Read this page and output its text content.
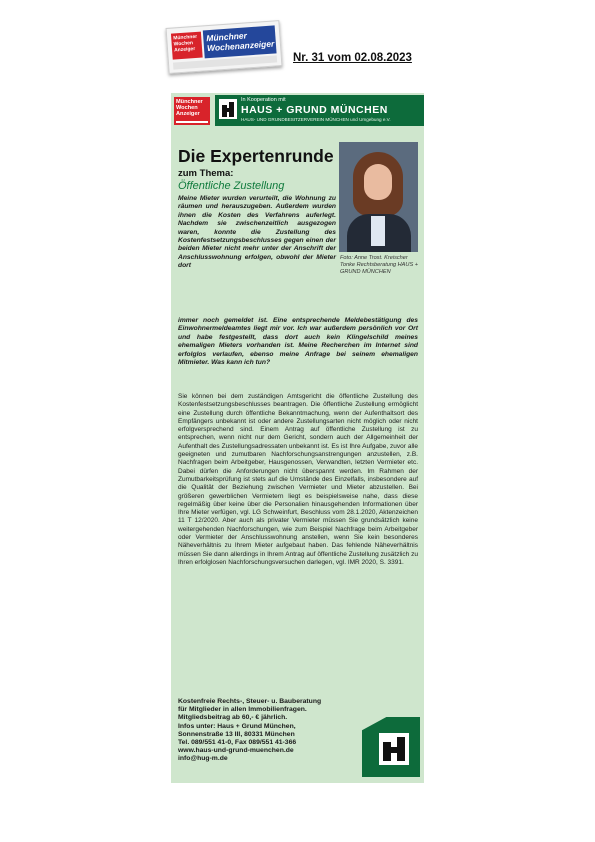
Münchner Wochen Anzeiger
Münchner Wochenanzeiger
Nr. 31 vom 02.08.2023
Münchner Wochen Anzeiger
In Kooperation mit
HAUS + GRUND MÜNCHEN
HAUS- UND GRUNDBESITZERVEREIN MÜNCHEN und Umgebung e.V.
Die Expertenrunde
zum Thema:
Öffentliche Zustellung
Foto: Anne Trost. Kreischer Tonke Rechtsberatung HAUS + GRUND MÜNCHEN

Meine Mieter wurden verurteilt, die Wohnung zu räumen und herauszugeben. Außerdem wurden ihnen die Kosten des Verfahrens auferlegt. Nachdem sie zwischenzeitlich ausgezogen waren, konnte die Zustellung des Kostenfestsetzungsbeschlusses gegen einen der beiden Mieter nicht mehr unter der Anschrift der Anschlusswohnung erfolgen, obwohl der Mieter dort

immer noch gemeldet ist. Eine entsprechende Meldebestätigung des Einwohnermeldeamtes liegt mir vor. Ich war außerdem persönlich vor Ort und habe festgestellt, dass dort auch kein Klingelschild meines ehemaligen Mieters vorhanden ist. Meine Recherchen im Internet sind erfolglos verlaufen, ebenso meine Anfrage bei seinem ehemaligen Mitmieter. Was kann ich tun?

Sie können bei dem zuständigen Amtsgericht die öffentliche Zustellung des Kostenfestsetzungsbeschlusses beantragen. Die öffentliche Zustellung ermöglicht eine Zustellung durch öffentliche Bekanntmachung, wenn der Aufenthaltsort des Empfängers unbekannt ist oder andere Zustellungsarten nicht möglich oder nicht erfolgversprechend sind. Einem Antrag auf öffentliche Zustellung ist zu entsprechen, wenn nicht nur dem Gericht, sondern auch der Allgemeinheit der Aufenthalt des Zustellungsadressaten unbekannt ist. Es ist Ihre Aufgabe, zuvor alle geeigneten und zumutbaren Nachforschungsanstrengungen anzustellen, z.B. Nachfragen beim Arbeitgeber, Hausgenossen, Verwandten, letzten Vermieter etc. Dabei dürfen die Anforderungen nicht überspannt werden. Im Rahmen der Zumutbarkeitsprüfung ist stets auf die Umstände des Einzelfalls, insbesondere auf die Qualität der Beziehung zwischen Vermieter und Mieter abzustellen. Bei größeren gewerblichen Vermietern liegt es beispielsweise nahe, dass diese regelmäßig über keine über die Personalien hinausgehenden Informationen über Ihre Mieter verfügen, vgl. LG Schweinfurt, Beschluss vom 28.1.2020, Aktenzeichen 11 T 12/2020. Aber auch als privater Vermieter müssen Sie grundsätzlich keine weitergehenden Nachforschungen, wie zum Beispiel Nachfrage beim Arbeitgeber oder Vermieter der Anschlusswohnung anstellen, wenn Sie kein besonderes Näheverhältnis zu Ihrem Mieter aufgebaut haben. Das fehlende Näheverhältnis müssen Sie dann allerdings in Ihrem Antrag auf öffentliche Zustellung zusätzlich zu Ihren erfolglosen Nachforschungsversuchen darlegen, vgl. IMR 2020, S. 3391.

Kostenfreie Rechts-, Steuer- u. Bauberatung
für Mitglieder in allen Immobilienfragen.
Mitgliedsbeitrag ab 60,- € jährlich.
Infos unter: Haus + Grund München,
Sonnenstraße 13 III, 80331 München
Tel. 089/551 41-0, Fax 089/551 41-366
www.haus-und-grund-muenchen.de
info@hug-m.de
